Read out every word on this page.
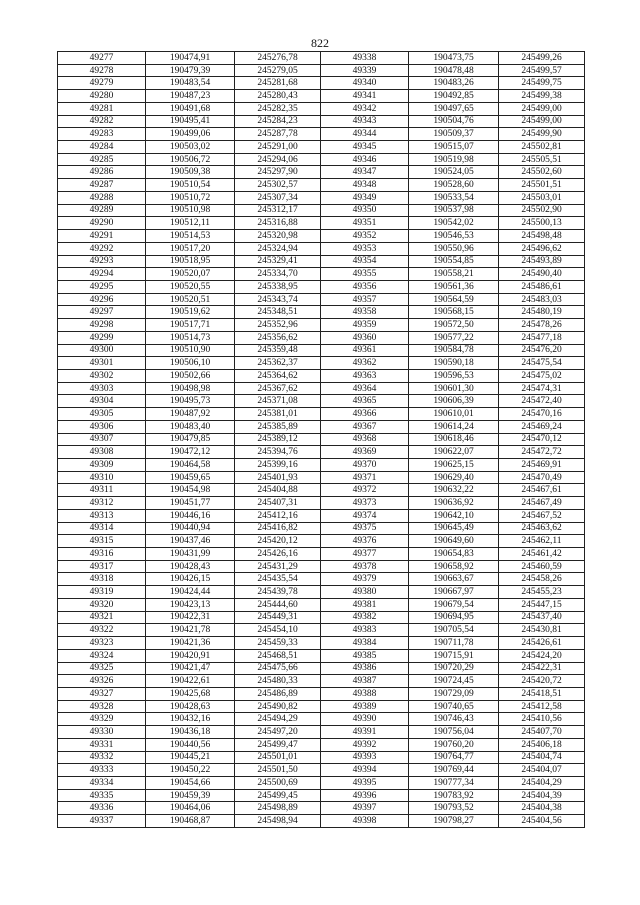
822
49277	190474,91	245276,78	49338	190473,75	245499,26
49278	190479,39	245279,05	49339	190478,48	245499,57
49279	190483,54	245281,68	49340	190483,26	245499,75
49280	190487,23	245280,43	49341	190492,85	245499,38
49281	190491,68	245282,35	49342	190497,65	245499,00
49282	190495,41	245284,23	49343	190504,76	245499,00
49283	190499,06	245287,78	49344	190509,37	245499,90
49284	190503,02	245291,00	49345	190515,07	245502,81
49285	190506,72	245294,06	49346	190519,98	245505,51
49286	190509,38	245297,90	49347	190524,05	245502,60
49287	190510,54	245302,57	49348	190528,60	245501,51
49288	190510,72	245307,34	49349	190533,54	245503,01
49289	190510,98	245312,17	49350	190537,98	245502,90
49290	190512,11	245316,88	49351	190542,02	245500,13
49291	190514,53	245320,98	49352	190546,53	245498,48
49292	190517,20	245324,94	49353	190550,96	245496,62
49293	190518,95	245329,41	49354	190554,85	245493,89
49294	190520,07	245334,70	49355	190558,21	245490,40
49295	190520,55	245338,95	49356	190561,36	245486,61
49296	190520,51	245343,74	49357	190564,59	245483,03
49297	190519,62	245348,51	49358	190568,15	245480,19
49298	190517,71	245352,96	49359	190572,50	245478,26
49299	190514,73	245356,62	49360	190577,22	245477,18
49300	190510,90	245359,48	49361	190584,78	245476,20
49301	190506,10	245362,37	49362	190590,18	245475,54
49302	190502,66	245364,62	49363	190596,53	245475,02
49303	190498,98	245367,62	49364	190601,30	245474,31
49304	190495,73	245371,08	49365	190606,39	245472,40
49305	190487,92	245381,01	49366	190610,01	245470,16
49306	190483,40	245385,89	49367	190614,24	245469,24
49307	190479,85	245389,12	49368	190618,46	245470,12
49308	190472,12	245394,76	49369	190622,07	245472,72
49309	190464,58	245399,16	49370	190625,15	245469,91
49310	190459,65	245401,93	49371	190629,40	245470,49
49311	190454,98	245404,88	49372	190632,22	245467,61
49312	190451,77	245407,31	49373	190636,92	245467,49
49313	190446,16	245412,16	49374	190642,10	245467,52
49314	190440,94	245416,82	49375	190645,49	245463,62
49315	190437,46	245420,12	49376	190649,60	245462,11
49316	190431,99	245426,16	49377	190654,83	245461,42
49317	190428,43	245431,29	49378	190658,92	245460,59
49318	190426,15	245435,54	49379	190663,67	245458,26
49319	190424,44	245439,78	49380	190667,97	245455,23
49320	190423,13	245444,60	49381	190679,54	245447,15
49321	190422,31	245449,31	49382	190694,95	245437,40
49322	190421,78	245454,10	49383	190705,54	245430,81
49323	190421,36	245459,33	49384	190711,78	245426,61
49324	190420,91	245468,51	49385	190715,91	245424,20
49325	190421,47	245475,66	49386	190720,29	245422,31
49326	190422,61	245480,33	49387	190724,45	245420,72
49327	190425,68	245486,89	49388	190729,09	245418,51
49328	190428,63	245490,82	49389	190740,65	245412,58
49329	190432,16	245494,29	49390	190746,43	245410,56
49330	190436,18	245497,20	49391	190756,04	245407,70
49331	190440,56	245499,47	49392	190760,20	245406,18
49332	190445,21	245501,01	49393	190764,77	245404,74
49333	190450,22	245501,50	49394	190769,44	245404,07
49334	190454,66	245500,69	49395	190777,34	245404,29
49335	190459,39	245499,45	49396	190783,92	245404,39
49336	190464,06	245498,89	49397	190793,52	245404,38
49337	190468,87	245498,94	49398	190798,27	245404,56
